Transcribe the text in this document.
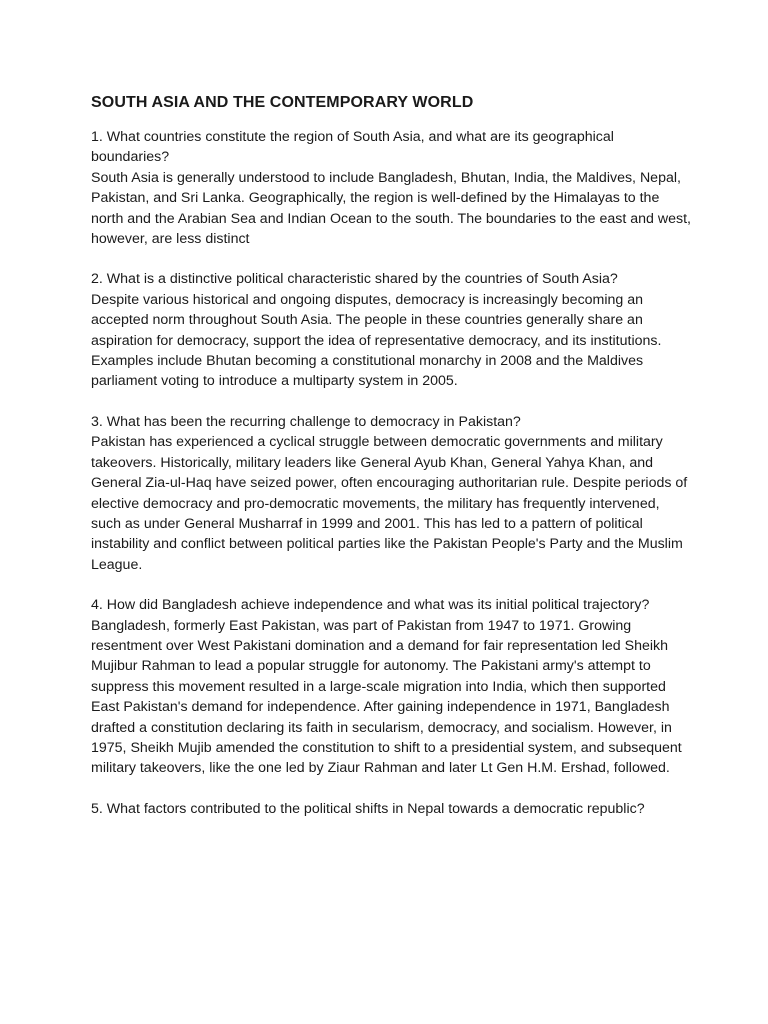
SOUTH ASIA AND THE CONTEMPORARY WORLD

1. What countries constitute the region of South Asia, and what are its geographical boundaries?

South Asia is generally understood to include Bangladesh, Bhutan, India, the Maldives, Nepal, Pakistan, and Sri Lanka. Geographically, the region is well-defined by the Himalayas to the north and the Arabian Sea and Indian Ocean to the south. The boundaries to the east and west, however, are less distinct

2. What is a distinctive political characteristic shared by the countries of South Asia?

Despite various historical and ongoing disputes, democracy is increasingly becoming an accepted norm throughout South Asia. The people in these countries generally share an aspiration for democracy, support the idea of representative democracy, and its institutions. Examples include Bhutan becoming a constitutional monarchy in 2008 and the Maldives parliament voting to introduce a multiparty system in 2005.

3. What has been the recurring challenge to democracy in Pakistan?

Pakistan has experienced a cyclical struggle between democratic governments and military takeovers. Historically, military leaders like General Ayub Khan, General Yahya Khan, and General Zia-ul-Haq have seized power, often encouraging authoritarian rule. Despite periods of elective democracy and pro-democratic movements, the military has frequently intervened, such as under General Musharraf in 1999 and 2001. This has led to a pattern of political instability and conflict between political parties like the Pakistan People's Party and the Muslim League.

4. How did Bangladesh achieve independence and what was its initial political trajectory?

Bangladesh, formerly East Pakistan, was part of Pakistan from 1947 to 1971. Growing resentment over West Pakistani domination and a demand for fair representation led Sheikh Mujibur Rahman to lead a popular struggle for autonomy. The Pakistani army's attempt to suppress this movement resulted in a large-scale migration into India, which then supported East Pakistan's demand for independence. After gaining independence in 1971, Bangladesh drafted a constitution declaring its faith in secularism, democracy, and socialism. However, in 1975, Sheikh Mujib amended the constitution to shift to a presidential system, and subsequent military takeovers, like the one led by Ziaur Rahman and later Lt Gen H.M. Ershad, followed.

5. What factors contributed to the political shifts in Nepal towards a democratic republic?
